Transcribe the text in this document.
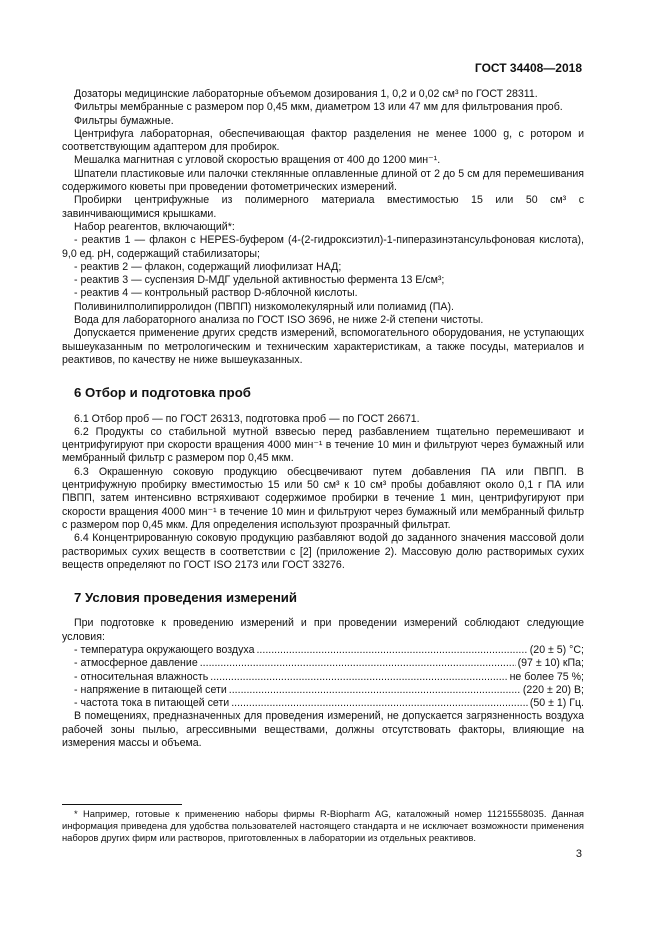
ГОСТ 34408—2018

Дозаторы медицинские лабораторные объемом дозирования 1, 0,2 и 0,02 см³ по ГОСТ 28311.

Фильтры мембранные с размером пор 0,45 мкм, диаметром 13 или 47 мм для фильтрования проб.

Фильтры бумажные.

Центрифуга лабораторная, обеспечивающая фактор разделения не менее 1000 g, с ротором и соответствующим адаптером для пробирок.

Мешалка магнитная с угловой скоростью вращения от 400 до 1200 мин⁻¹.

Шпатели пластиковые или палочки стеклянные оплавленные длиной от 2 до 5 см для перемешивания содержимого кюветы при проведении фотометрических измерений.

Пробирки центрифужные из полимерного материала вместимостью 15 или 50 см³ с завинчивающимися крышками.

Набор реагентов, включающий*:

- реактив 1 — флакон с HEPES-буфером (4-(2-гидроксиэтил)-1-пиперазинэтансульфоновая кислота), 9,0 ед. pH, содержащий стабилизаторы;

- реактив 2 — флакон, содержащий лиофилизат НАД;

- реактив 3 — суспензия D-МДГ удельной активностью фермента 13 Е/см³;

- реактив 4 — контрольный раствор D-яблочной кислоты.

Поливинилполипирролидон (ПВПП) низкомолекулярный или полиамид (ПА).

Вода для лабораторного анализа по ГОСТ ISO 3696, не ниже 2-й степени чистоты.

Допускается применение других средств измерений, вспомогательного оборудования, не уступающих вышеуказанным по метрологическим и техническим характеристикам, а также посуды, материалов и реактивов, по качеству не ниже вышеуказанных.

6 Отбор и подготовка проб

6.1 Отбор проб — по ГОСТ 26313, подготовка проб — по ГОСТ 26671.

6.2 Продукты со стабильной мутной взвесью перед разбавлением тщательно перемешивают и центрифугируют при скорости вращения 4000 мин⁻¹ в течение 10 мин и фильтруют через бумажный или мембранный фильтр с размером пор 0,45 мкм.

6.3 Окрашенную соковую продукцию обесцвечивают путем добавления ПА или ПВПП. В центрифужную пробирку вместимостью 15 или 50 см³ к 10 см³ пробы добавляют около 0,1 г ПА или ПВПП, затем интенсивно встряхивают содержимое пробирки в течение 1 мин, центрифугируют при скорости вращения 4000 мин⁻¹ в течение 10 мин и фильтруют через бумажный или мембранный фильтр с размером пор 0,45 мкм. Для определения используют прозрачный фильтрат.

6.4 Концентрированную соковую продукцию разбавляют водой до заданного значения массовой доли растворимых сухих веществ в соответствии с [2] (приложение 2). Массовую долю растворимых сухих веществ определяют по ГОСТ ISO 2173 или ГОСТ 33276.

7 Условия проведения измерений

При подготовке к проведению измерений и при проведении измерений соблюдают следующие условия:

- температура окружающего воздуха .....	(20 ± 5) °С;
- атмосферное давление .....	(97 ± 10) кПа;
- относительная влажность .....	не более 75 %;
- напряжение в питающей сети .....	(220 ± 20) В;
- частота тока в питающей сети .....	(50 ± 1) Гц.

В помещениях, предназначенных для проведения измерений, не допускается загрязненность воздуха рабочей зоны пылью, агрессивными веществами, должны отсутствовать факторы, влияющие на измерения массы и объема.

* Например, готовые к применению наборы фирмы R-Biopharm AG, каталожный номер 11215558035. Данная информация приведена для удобства пользователей настоящего стандарта и не исключает возможности применения наборов других фирм или растворов, приготовленных в лаборатории из отдельных реактивов.
3
